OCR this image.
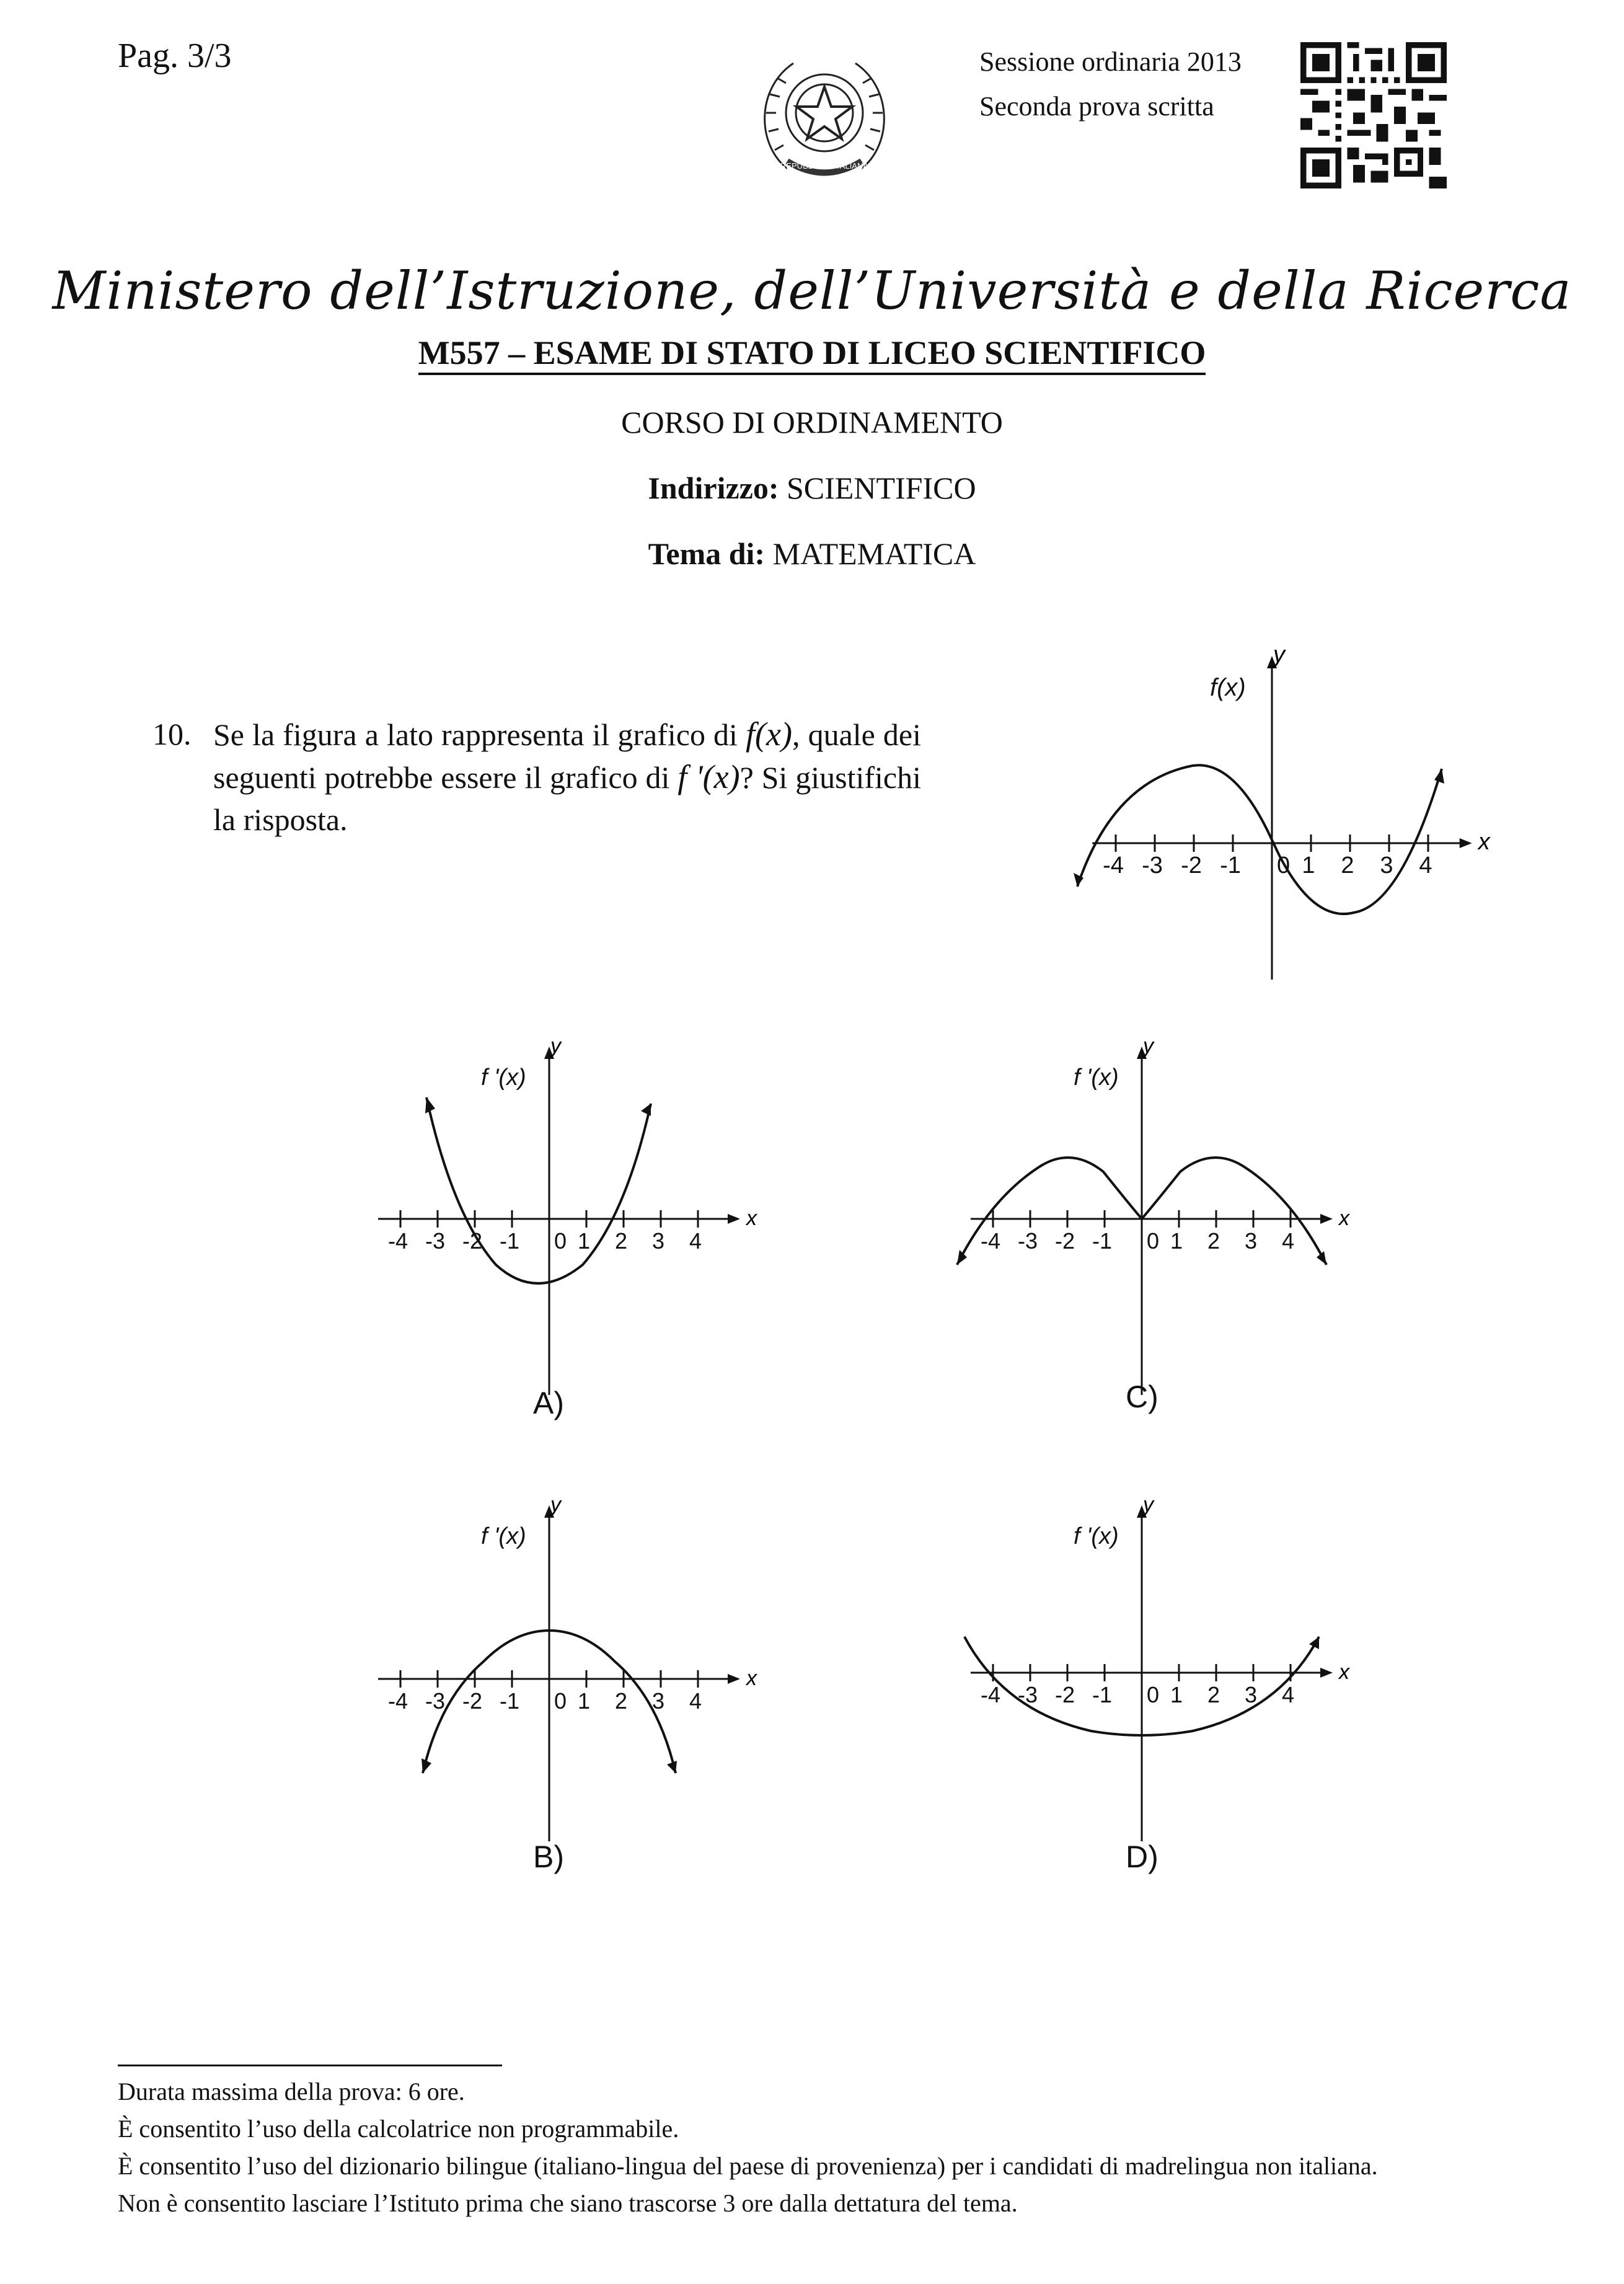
Pag. 3/3	Sessione ordinaria 2013
Seconda prova scritta
REPUBBLICA ITALIANA
Ministero dell’Istruzione, dell’Università e della Ricerca
M557 – ESAME DI STATO DI LICEO SCIENTIFICO
CORSO DI ORDINAMENTO
Indirizzo: SCIENTIFICO
Tema di: MATEMATICA
10. Se la figura a lato rappresenta il grafico di f(x), quale dei seguenti potrebbe essere il grafico di f '(x)? Si giustifichi la risposta.
-4 -3 -2 -1 0 1 2 3 4
f(x)
y
x
-4 -3 -2 -1 0 1 2 3 4
f '(x)
y
x
A)
-4 -3 -2 -1 0 1 2 3 4
f '(x)
y
x
C)
-4 -3 -2 -1 0 1 2 3 4
f '(x)
y
x
B)
-4 -3 -2 -1 0 1 2 3 4
f '(x)
y
x
D)
Durata massima della prova: 6 ore.
È consentito l’uso della calcolatrice non programmabile.
È consentito l’uso del dizionario bilingue (italiano-lingua del paese di provenienza) per i candidati di madrelingua non italiana.
Non è consentito lasciare l’Istituto prima che siano trascorse 3 ore dalla dettatura del tema.
